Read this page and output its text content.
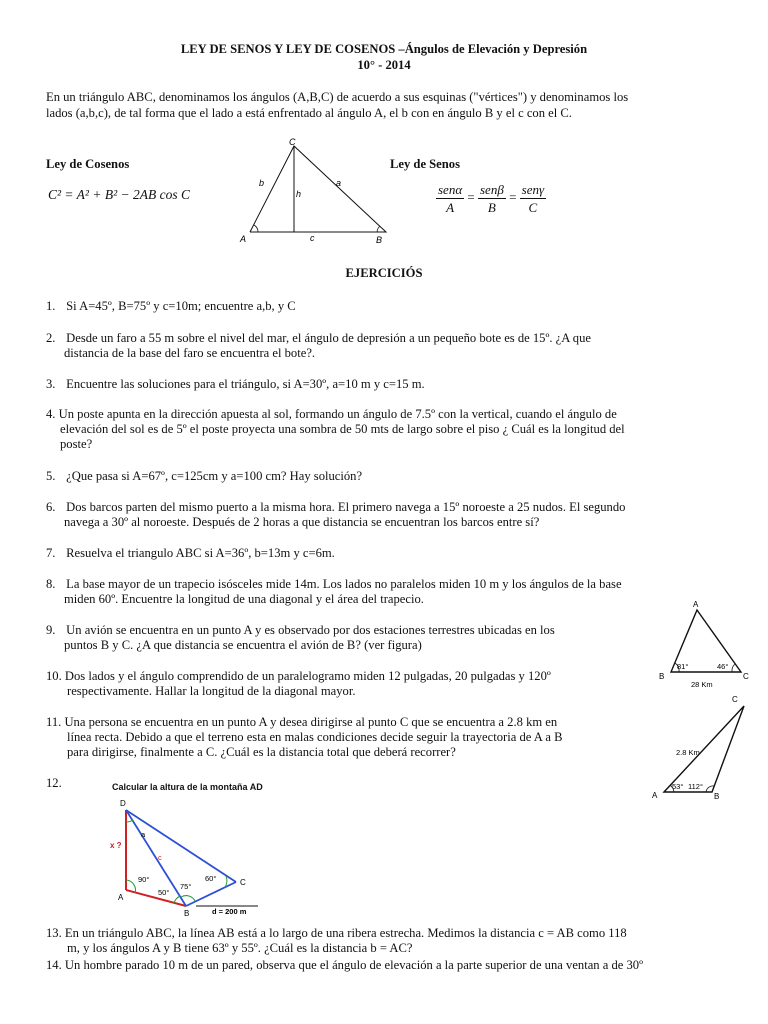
LEY DE SENOS Y LEY DE COSENOS –Ángulos de Elevación y Depresión
10° - 2014
En un triángulo ABC, denominamos los ángulos (A,B,C) de acuerdo a sus esquinas ("vértices") y denominamos los
lados (a,b,c), de tal forma que el lado a está enfrentado al ángulo A, el b con en ángulo B y el c con el C.
Ley de Cosenos
C² = A² + B² − 2AB cos C
Ley de Senos
$\frac{\text{senα}}{A} = \frac{\text{senβ}}{B} = \frac{\text{senγ}}{C}$
C
A	B
b	a
c
h
EJERCICIÓS
1. Si A=45º, B=75º y c=10m; encuentre a,b, y C
2. Desde un faro a 55 m sobre el nivel del mar, el ángulo de depresión a un pequeño bote es de 15º. ¿A que
distancia de la base del faro se encuentra el bote?.
3. Encuentre las soluciones para el triángulo, si A=30º, a=10 m y c=15 m.
4. Un poste apunta en la dirección apuesta al sol, formando un ángulo de 7.5º con la vertical, cuando el ángulo de
elevación del sol es de 5º el poste proyecta una sombra de 50 mts de largo sobre el piso ¿ Cuál es la longitud del
poste?
5. ¿Que pasa si A=67º, c=125cm y a=100 cm? Hay solución?
6. Dos barcos parten del mismo puerto a la misma hora. El primero navega a 15º noroeste a 25 nudos. El segundo
navega a 30º al noroeste. Después de 2 horas a que distancia se encuentran los barcos entre sí?
7. Resuelva el triangulo ABC si A=36º, b=13m y c=6m.
8. La base mayor de un trapecio isósceles mide 14m. Los lados no paralelos miden 10 m y los ángulos de la base
miden 60º. Encuentre la longitud de una diagonal y el área del trapecio.
9. Un avión se encuentra en un punto A y es observado por dos estaciones terrestres ubicadas en los
puntos B y C. ¿A que distancia se encuentra el avión de B? (ver figura)
10. Dos lados y el ángulo comprendido de un paralelogramo miden 12 pulgadas, 20 pulgadas y 120º
respectivamente. Hallar la longitud de la diagonal mayor.
11. Una persona se encuentra en un punto A y desea dirigirse al punto C que se encuentra a 2.8 km en
línea recta. Debido a que el terreno esta en malas condiciones decide seguir la trayectoria de A a B
para dirigirse, finalmente a C. ¿Cuál es la distancia total que deberá recorrer?
12.
13. En un triángulo ABC, la línea AB está a lo largo de una ribera estrecha. Medimos la distancia c = AB como 118
m, y los ángulos A y B tiene 63º y 55º. ¿Cuál es la distancia b = AC?
14. Un hombre parado 10 m de un pared, observa que el ángulo de elevación a la parte superior de una ventan a de 30º
A
B	C
81°	46°
28 Km
C
A	B
53° 112°
2.8 Km
Calcular la altura de la montaña AD
D
A
B
C
x ?
a
c
90°
50°
75°
60°
d = 200 m
